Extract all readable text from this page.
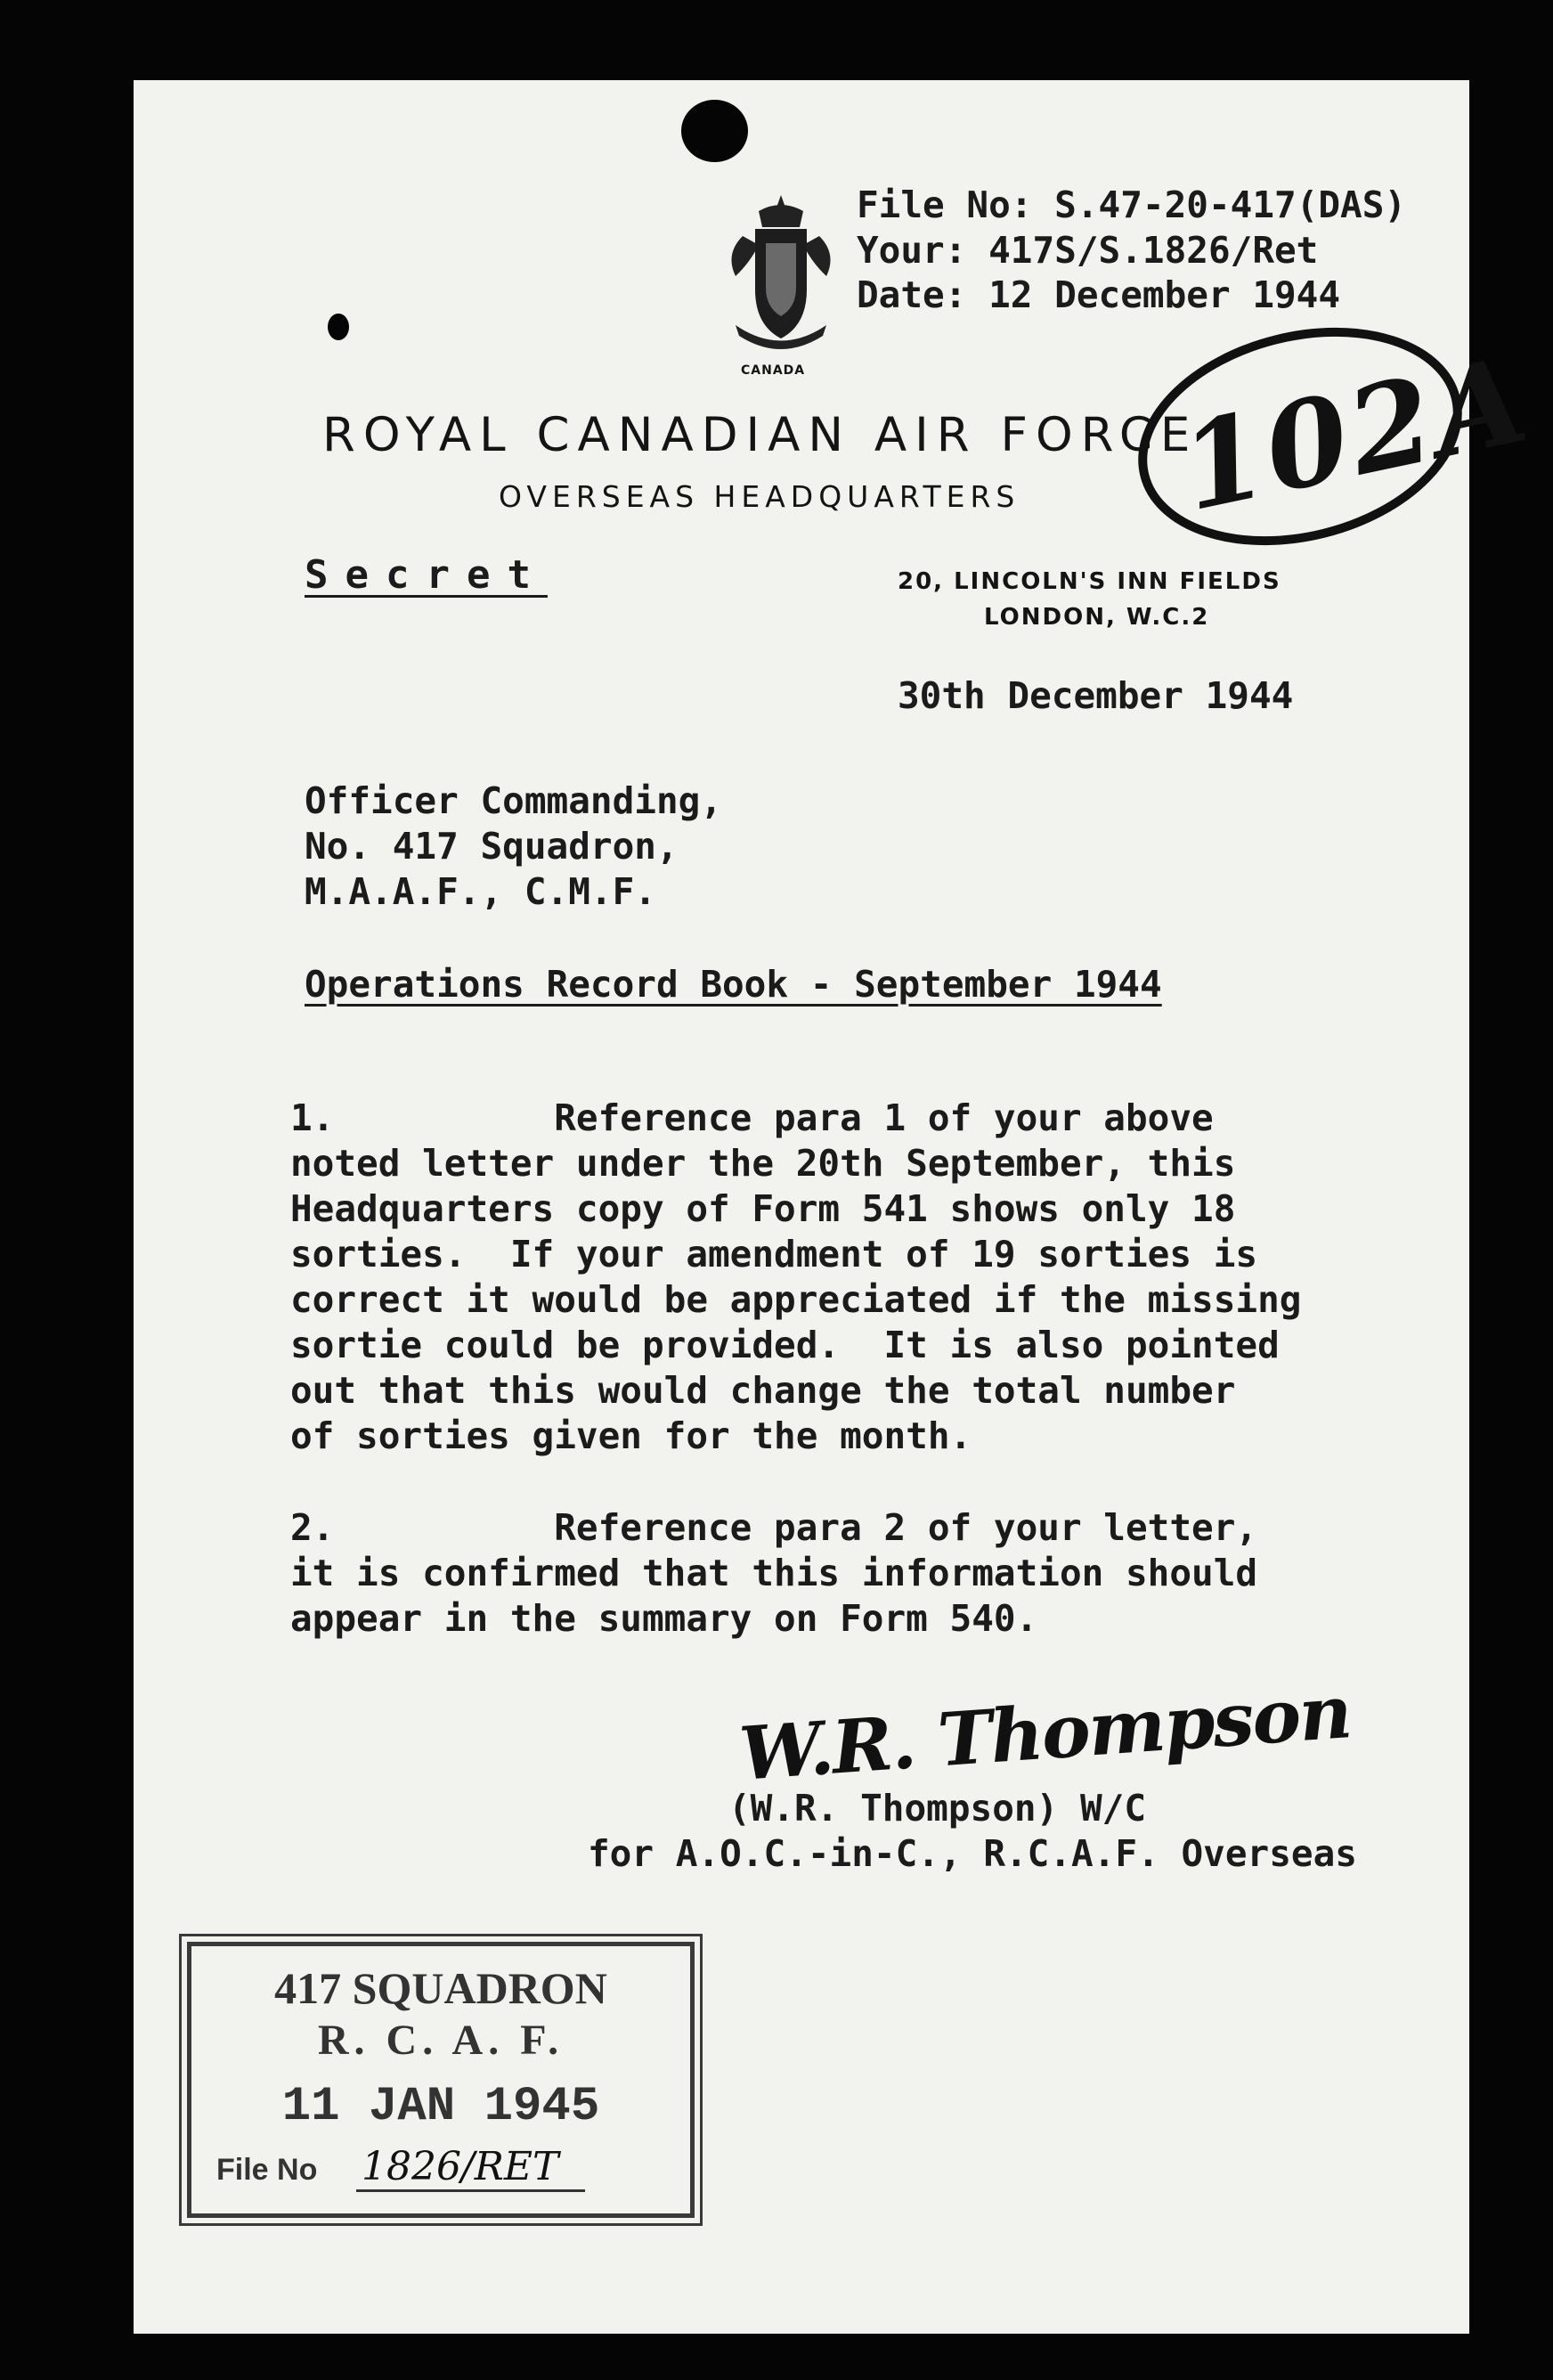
CANADA
File No: S.47-20-417(DAS)
Your: 417S/S.1826/Ret
Date: 12 December 1944
ROYAL CANADIAN AIR FORCE
OVERSEAS HEADQUARTERS
20, LINCOLN'S INN FIELDS
LONDON, W.C.2
102A
Secret
30th December 1944
Officer Commanding,
No. 417 Squadron,
M.A.A.F., C.M.F.
Operations Record Book - September 1944
1.          Reference para 1 of your above
noted letter under the 20th September, this
Headquarters copy of Form 541 shows only 18
sorties.  If your amendment of 19 sorties is
correct it would be appreciated if the missing
sortie could be provided.  It is also pointed
out that this would change the total number
of sorties given for the month.
2.          Reference para 2 of your letter,
it is confirmed that this information should
appear in the summary on Form 540.
W.R. Thompson
(W.R. Thompson) W/C
for A.O.C.-in-C., R.C.A.F. Overseas
417 SQUADRON
R. C. A. F.
11 JAN 1945
File No 1826/RET
